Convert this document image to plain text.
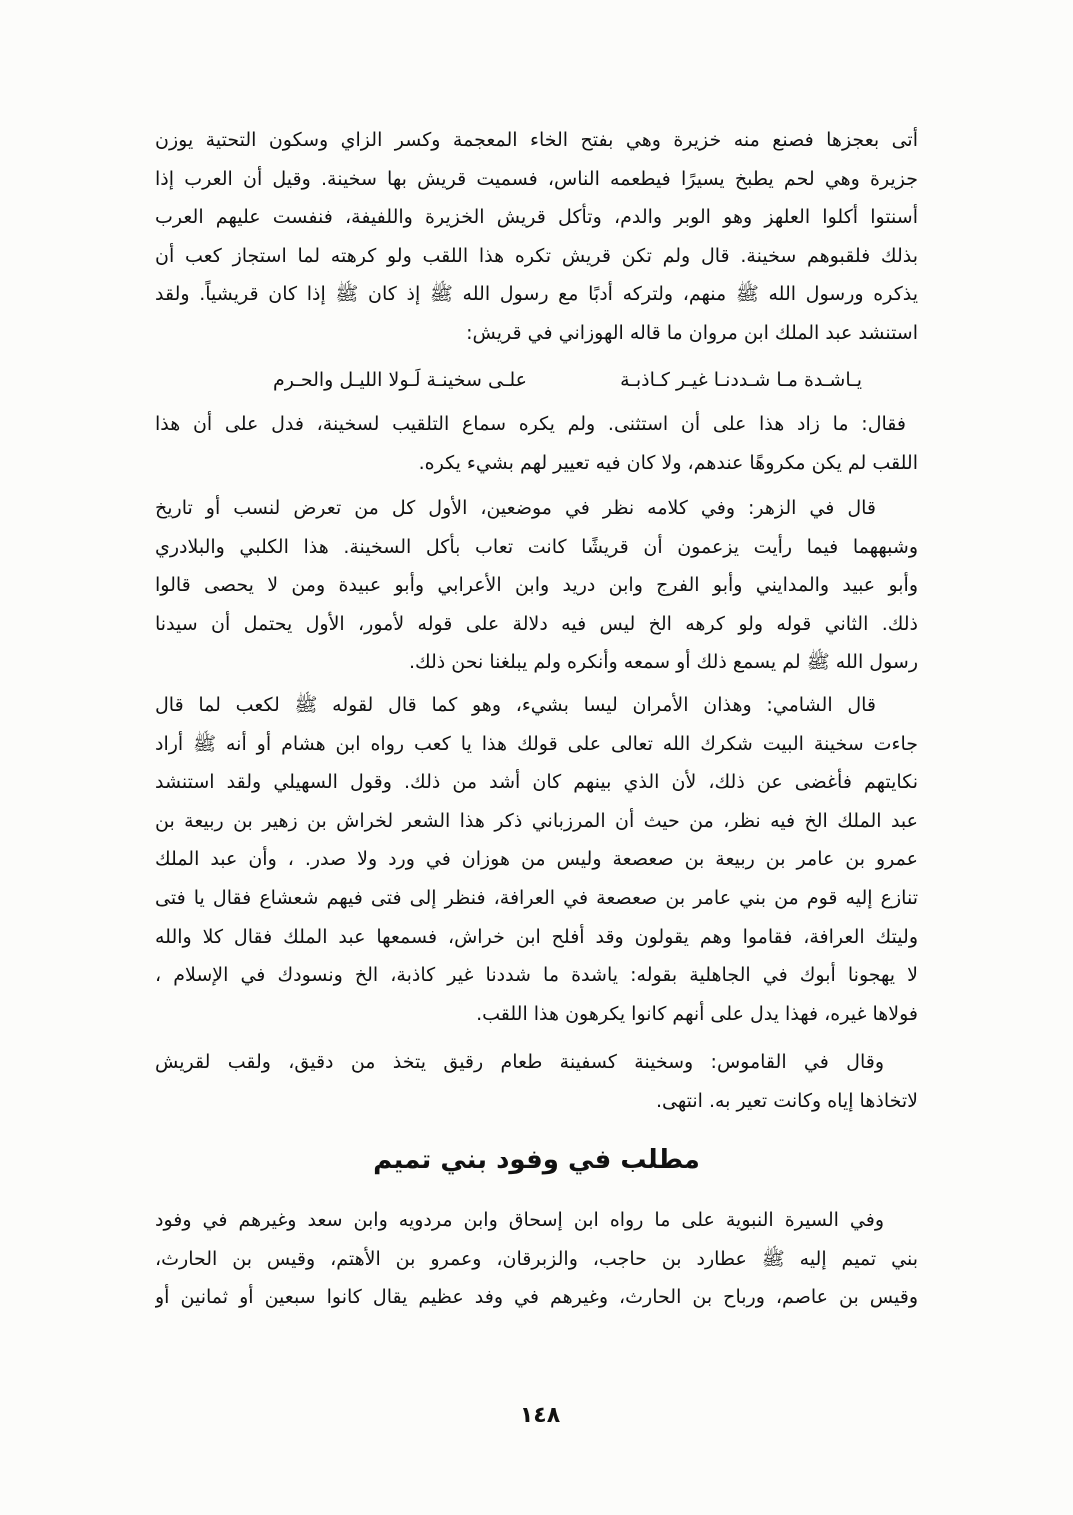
أتى بعجزها فصنع منه خزيرة وهي بفتح الخاء المعجمة وكسر الزاي وسكون التحتية يوزن
جزيرة وهي لحم يطبخ يسيرًا فيطعمه الناس، فسميت قريش بها سخينة. وقيل أن العرب إذا
أسنتوا أكلوا العلهز وهو الوبر والدم، وتأكل قريش الخزيرة واللفيفة، فنفست عليهم العرب
بذلك فلقبوهم سخينة. قال ولم تكن قريش تكره هذا اللقب ولو كرهته لما استجاز كعب أن
يذكره ورسول الله ﷺ منهم، ولتركه أدبًا مع رسول الله ﷺ إذ كان ﷺ إذا كان قريشياً. ولقد
استنشد عبد الملك ابن مروان ما قاله الهوزاني في قريش:
يـاشـدة مـا شـددنـا غيـر كـاذبـة
علـى سخينـة لَـولا الليـل والحـرم
فقال: ما زاد هذا على أن استثنى. ولم يكره سماع التلقيب لسخينة، فدل على أن هذا
اللقب لم يكن مكروهًا عندهم، ولا كان فيه تعيير لهم بشيء يكره.
قال في الزهر: وفي كلامه نظر في موضعين، الأول كل من تعرض لنسب أو تاريخ
وشبههما فيما رأيت يزعمون أن قريشًا كانت تعاب بأكل السخينة. هذا الكلبي والبلادري
وأبو عبيد والمدايني وأبو الفرج وابن دريد وابن الأعرابي وأبو عبيدة ومن لا يحصى قالوا
ذلك. الثاني قوله ولو كرهه الخ ليس فيه دلالة على قوله لأمور، الأول يحتمل أن سيدنا
رسول الله ﷺ لم يسمع ذلك أو سمعه وأنكره ولم يبلغنا نحن ذلك.
قال الشامي: وهذان الأمران ليسا بشيء، وهو كما قال لقوله ﷺ لكعب لما قال
جاءت سخينة البيت شكرك الله تعالى على قولك هذا يا كعب رواه ابن هشام أو أنه ﷺ أراد
نكايتهم فأغضى عن ذلك، لأن الذي بينهم كان أشد من ذلك. وقول السهيلي ولقد استنشد
عبد الملك الخ فيه نظر، من حيث أن المرزباني ذكر هذا الشعر لخراش بن زهير بن ربيعة بن
عمرو بن عامر بن ربيعة بن صعصعة وليس من هوزان في ورد ولا صدر. ، وأن عبد الملك
تنازع إليه قوم من بني عامر بن صعصعة في العرافة، فنظر إلى فتى فيهم شعشاع فقال يا فتى
وليتك العرافة، فقاموا وهم يقولون وقد أفلح ابن خراش، فسمعها عبد الملك فقال كلا والله
لا يهجونا أبوك في الجاهلية بقوله: ياشدة ما شددنا غير كاذبة، الخ ونسودك في الإسلام ،
فولاها غيره، فهذا يدل على أنهم كانوا يكرهون هذا اللقب.
وقال في القاموس: وسخينة كسفينة طعام رقيق يتخذ من دقيق، ولقب لقريش
لاتخاذها إياه وكانت تعير به. انتهى.
مطلب في وفود بني تميم
وفي السيرة النبوية على ما رواه ابن إسحاق وابن مردويه وابن سعد وغيرهم في وفود
بني تميم إليه ﷺ عطارد بن حاجب، والزبرقان، وعمرو بن الأهتم، وقيس بن الحارث،
وقيس بن عاصم، ورباح بن الحارث، وغيرهم في وفد عظيم يقال كانوا سبعين أو ثمانين أو
١٤٨
